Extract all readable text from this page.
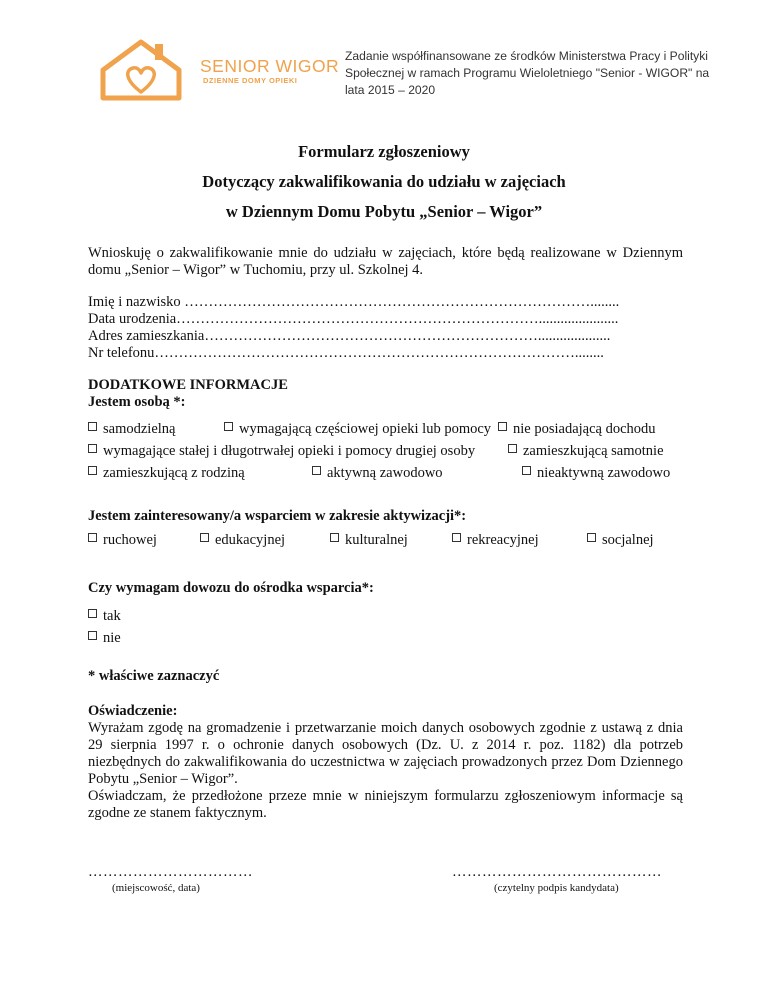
SENIOR WIGOR
DZIENNE DOMY OPIEKI
Zadanie współfinansowane ze środków Ministerstwa Pracy i Polityki
Społecznej w ramach Programu Wieloletniego "Senior - WIGOR" na
lata 2015 – 2020
Formularz zgłoszeniowy
Dotyczący zakwalifikowania do udziału w zajęciach
w Dziennym Domu Pobytu „Senior – Wigor”
Wnioskuję o zakwalifikowanie mnie do udziału w zajęciach, które będą realizowane w Dziennym domu „Senior – Wigor” w Tuchomiu, przy ul. Szkolnej 4.
Imię i nazwisko …………………………………………………………………………........
Data urodzenia…………………………………………………………………......................
Adres zamieszkania……………………………………………………………....................
Nr telefonu……………………………………………………………………………........
DODATKOWE INFORMACJE
Jestem osobą *:
samodzielną	wymagającą częściowej opieki lub pomocy	nie posiadającą dochodu
wymagające stałej i długotrwałej opieki i pomocy drugiej osoby	zamieszkującą samotnie
zamieszkującą z rodziną	aktywną zawodowo	nieaktywną zawodowo
Jestem zainteresowany/a wsparciem w zakresie aktywizacji*:
ruchowej	edukacyjnej	kulturalnej	rekreacyjnej	socjalnej
Czy wymagam dowozu do ośrodka wsparcia*:
tak
nie
* właściwe zaznaczyć
Oświadczenie:
Wyrażam zgodę na gromadzenie i przetwarzanie moich danych osobowych zgodnie z ustawą z dnia 29 sierpnia 1997 r. o ochronie danych osobowych (Dz. U. z 2014 r. poz. 1182) dla potrzeb niezbędnych do zakwalifikowania do uczestnictwa w zajęciach prowadzonych przez Dom Dziennego Pobytu „Senior – Wigor”.
Oświadczam, że przedłożone przeze mnie w niniejszym formularzu zgłoszeniowym informacje są zgodne ze stanem faktycznym.
……………………………
(miejscowość, data)
……………………………………
(czytelny podpis kandydata)
